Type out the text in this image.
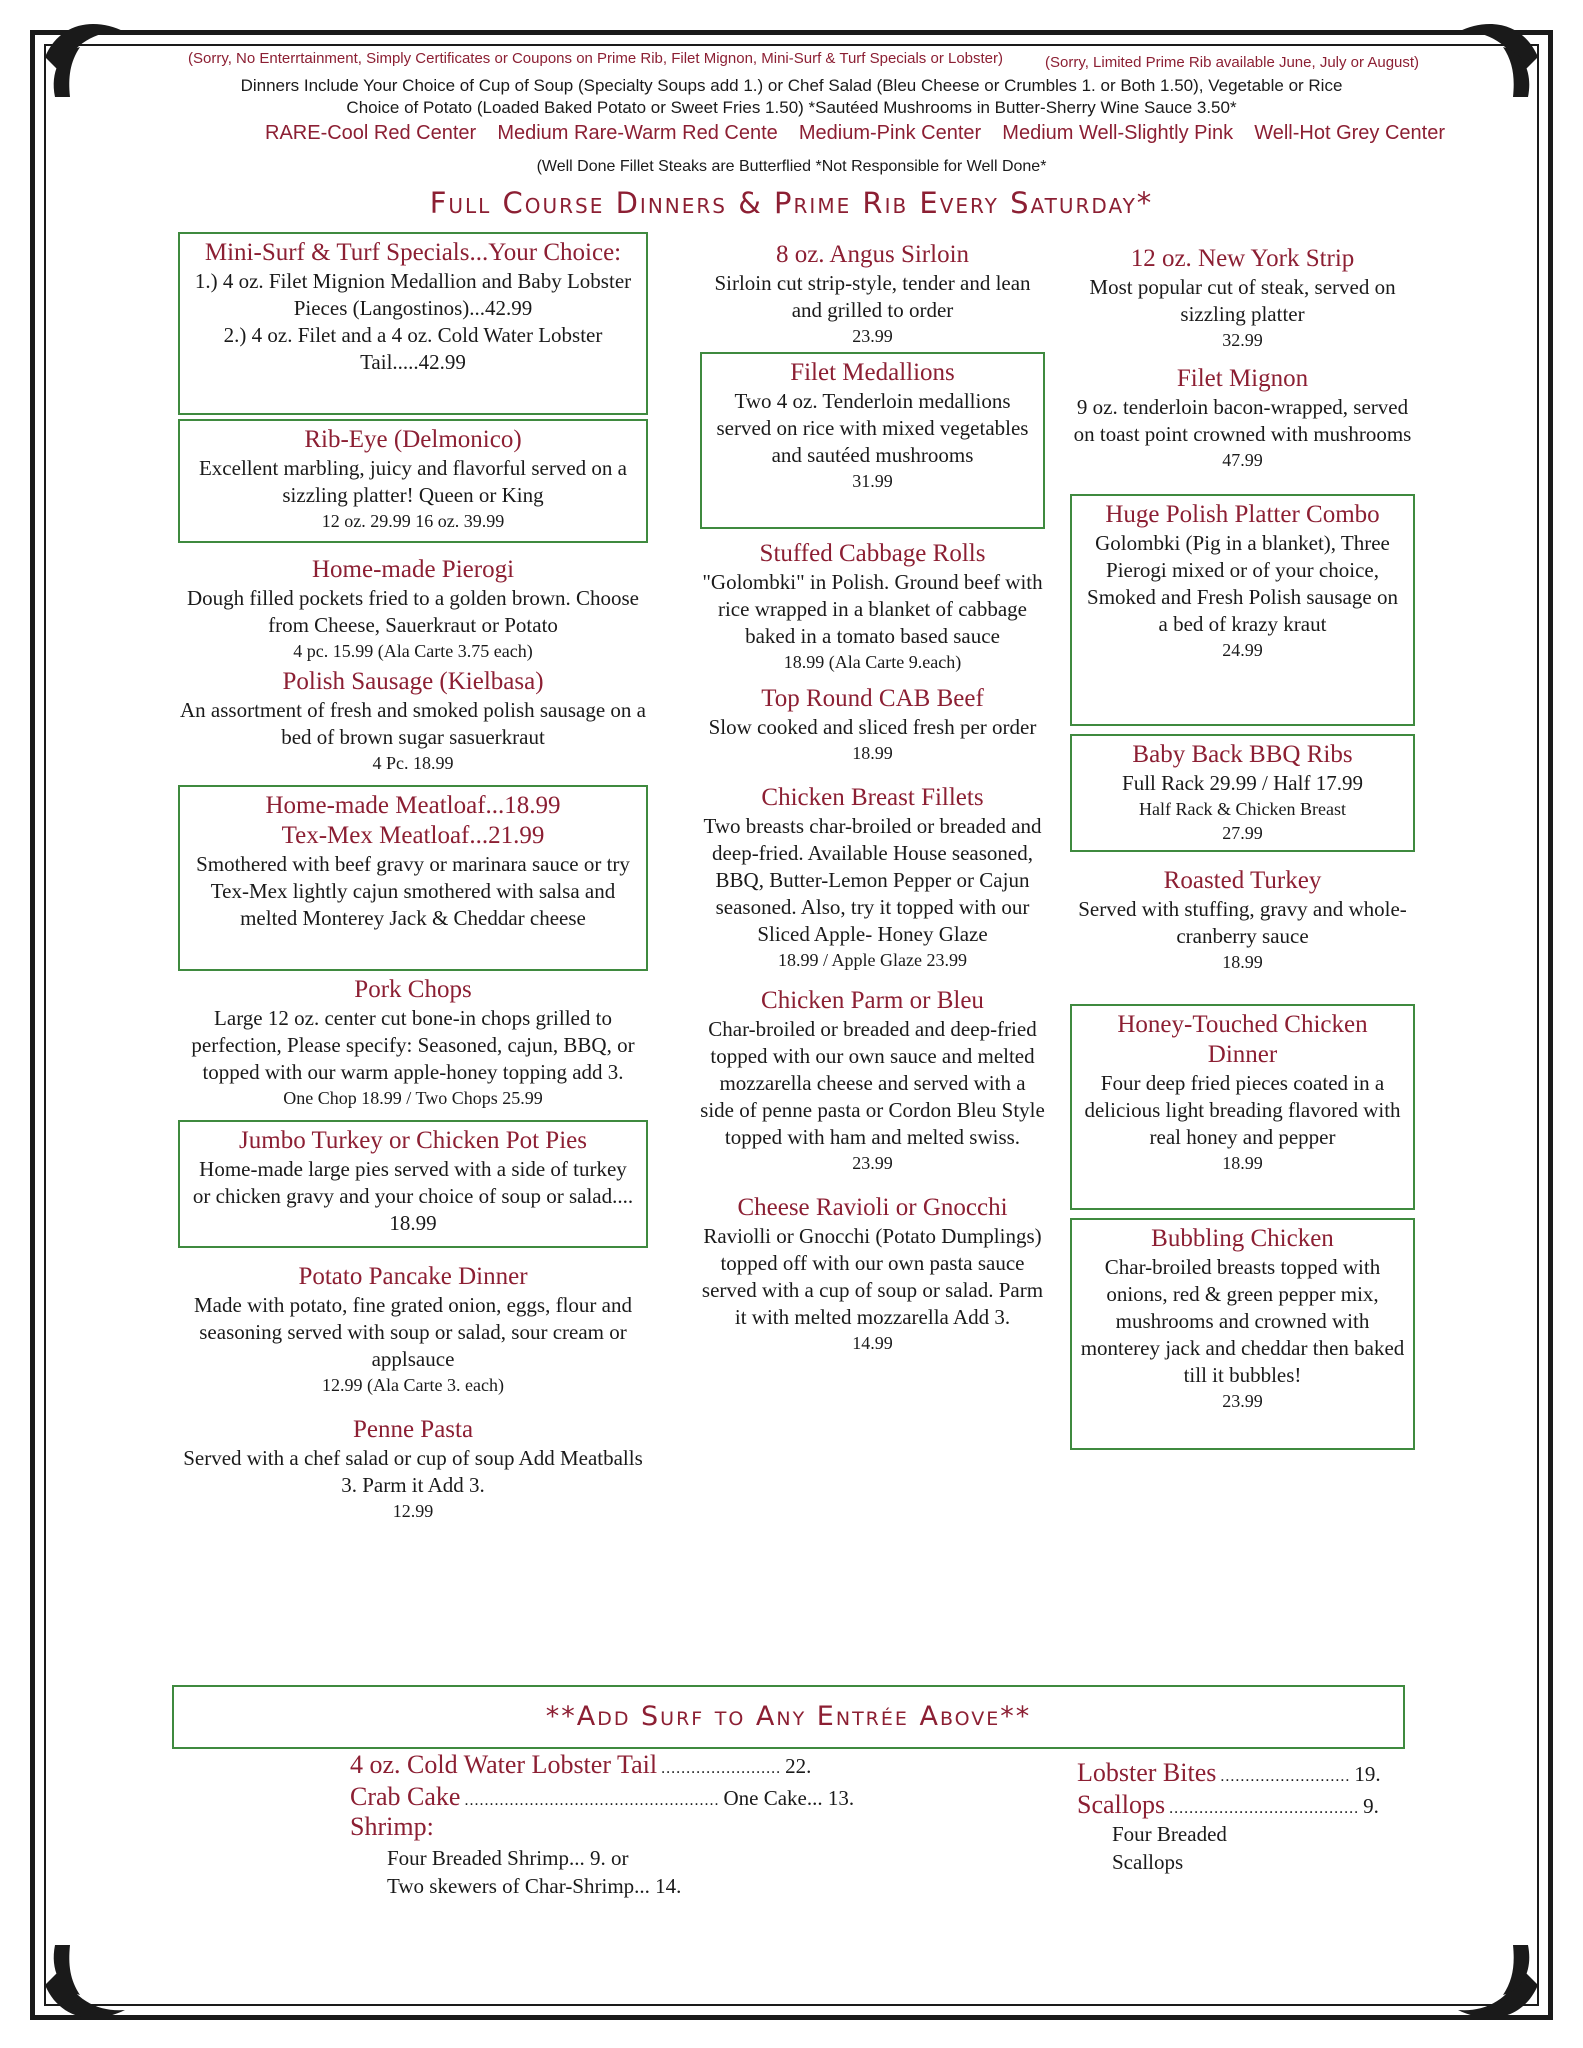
(Sorry, No Enterrtainment, Simply Certificates or Coupons on Prime Rib, Filet Mignon, Mini-Surf & Turf Specials or Lobster)	(Sorry, Limited Prime Rib available June, July or August)
Dinners Include Your Choice of Cup of Soup (Specialty Soups add 1.) or Chef Salad (Bleu Cheese or Crumbles 1. or Both 1.50), Vegetable or Rice
Choice of Potato (Loaded Baked Potato or Sweet Fries 1.50) *Sautéed Mushrooms in Butter-Sherry Wine Sauce 3.50*
RARE-Cool Red Center Medium Rare-Warm Red Cente Medium-Pink Center Medium Well-Slightly Pink Well-Hot Grey Center
(Well Done Fillet Steaks are Butterflied *Not Responsible for Well Done*
Full Course Dinners & Prime Rib Every Saturday*
Mini-Surf & Turf Specials...Your Choice:
1.) 4 oz. Filet Mignion Medallion and Baby Lobster Pieces (Langostinos)...42.99
2.) 4 oz. Filet and a 4 oz. Cold Water Lobster Tail.....42.99
Rib-Eye (Delmonico)
Excellent marbling, juicy and flavorful served on a sizzling platter! Queen or King
12 oz. 29.99 16 oz. 39.99
Home-made Pierogi
Dough filled pockets fried to a golden brown. Choose from Cheese, Sauerkraut or Potato
4 pc. 15.99 (Ala Carte 3.75 each)
Polish Sausage (Kielbasa)
An assortment of fresh and smoked polish sausage on a bed of brown sugar sasuerkraut
4 Pc. 18.99
Home-made Meatloaf...18.99
Tex-Mex Meatloaf...21.99
Smothered with beef gravy or marinara sauce or try Tex-Mex lightly cajun smothered with salsa and melted Monterey Jack & Cheddar cheese
Pork Chops
Large 12 oz. center cut bone-in chops grilled to perfection, Please specify: Seasoned, cajun, BBQ, or topped with our warm apple-honey topping add 3.
One Chop 18.99 / Two Chops 25.99
Jumbo Turkey or Chicken Pot Pies
Home-made large pies served with a side of turkey or chicken gravy and your choice of soup or salad.... 18.99
Potato Pancake Dinner
Made with potato, fine grated onion, eggs, flour and seasoning served with soup or salad, sour cream or applsauce
12.99 (Ala Carte 3. each)
Penne Pasta
Served with a chef salad or cup of soup Add Meatballs 3. Parm it Add 3.
12.99
8 oz. Angus Sirloin
Sirloin cut strip-style, tender and lean and grilled to order
23.99
Filet Medallions
Two 4 oz. Tenderloin medallions served on rice with mixed vegetables and sautéed mushrooms
31.99
Stuffed Cabbage Rolls
"Golombki" in Polish. Ground beef with rice wrapped in a blanket of cabbage baked in a tomato based sauce
18.99 (Ala Carte 9.each)
Top Round CAB Beef
Slow cooked and sliced fresh per order
18.99
Chicken Breast Fillets
Two breasts char-broiled or breaded and deep-fried. Available House seasoned, BBQ, Butter-Lemon Pepper or Cajun seasoned. Also, try it topped with our Sliced Apple- Honey Glaze
18.99 / Apple Glaze 23.99
Chicken Parm or Bleu
Char-broiled or breaded and deep-fried topped with our own sauce and melted mozzarella cheese and served with a side of penne pasta or Cordon Bleu Style topped with ham and melted swiss.
23.99
Cheese Ravioli or Gnocchi
Raviolli or Gnocchi (Potato Dumplings) topped off with our own pasta sauce served with a cup of soup or salad. Parm it with melted mozzarella Add 3.
14.99
12 oz. New York Strip
Most popular cut of steak, served on sizzling platter
32.99
Filet Mignon
9 oz. tenderloin bacon-wrapped, served on toast point crowned with mushrooms
47.99
Huge Polish Platter Combo
Golombki (Pig in a blanket), Three Pierogi mixed or of your choice, Smoked and Fresh Polish sausage on a bed of krazy kraut
24.99
Baby Back BBQ Ribs
Full Rack 29.99 / Half 17.99
Half Rack & Chicken Breast
27.99
Roasted Turkey
Served with stuffing, gravy and whole-cranberry sauce
18.99
Honey-Touched Chicken Dinner
Four deep fried pieces coated in a delicious light breading flavored with real honey and pepper
18.99
Bubbling Chicken
Char-broiled breasts topped with onions, red & green pepper mix, mushrooms and crowned with monterey jack and cheddar then baked till it bubbles!
23.99
**Add Surf to Any Entrée Above**
4 oz. Cold Water Lobster Tail ........................ 22.
Crab Cake ................................................... One Cake... 13.
Shrimp:
Four Breaded Shrimp... 9. or
Two skewers of Char-Shrimp... 14.
Lobster Bites .......................... 19.
Scallops ...................................... 9.
Four Breaded
Scallops
